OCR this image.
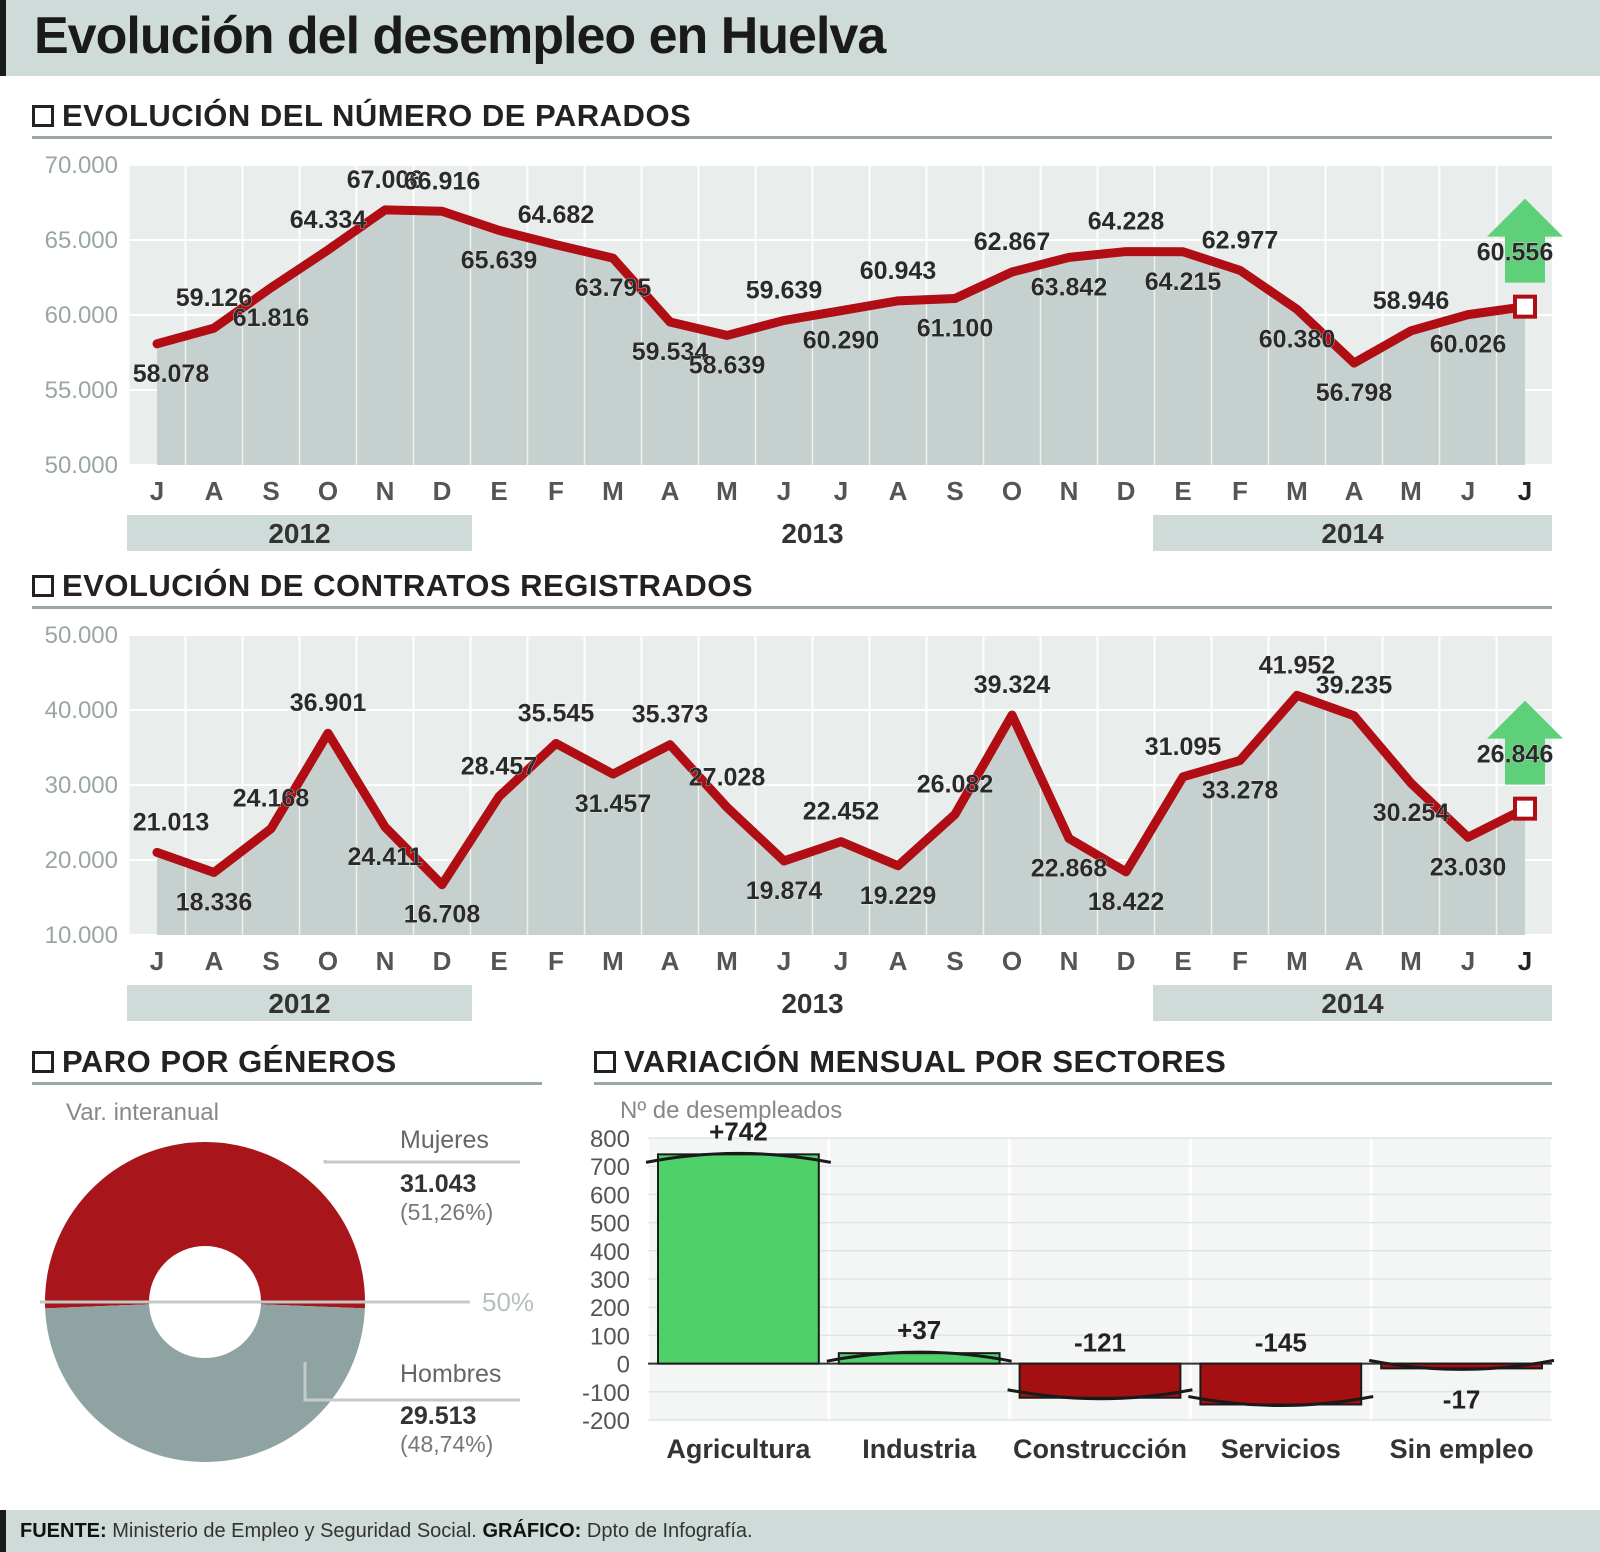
Evolución del desempleo en Huelva
EVOLUCIÓN DEL NÚMERO DE PARADOS
50.000
55.000
60.000
65.000
70.000
58.078
59.126
61.816
64.334
67.006
66.916
65.639
64.682
63.795
59.534
58.639
59.639
60.290
60.943
61.100
62.867
63.842
64.228
64.215
62.977
60.380
56.798
58.946
60.026
60.556
J A S O N D E F M A M J J A S O N D E F M A M J J
2012	2013	2014
EVOLUCIÓN DE CONTRATOS REGISTRADOS
10.000
20.000
30.000
40.000
50.000
21.013
18.336
24.168
36.901
24.411
16.708
28.457
35.545
31.457
35.373
27.028
19.874
22.452
19.229
26.082
39.324
22.868
18.422
31.095
33.278
41.952
39.235
30.254
23.030
26.846
J A S O N D E F M A M J J A S O N D E F M A M J J
2012	2013	2014
PARO POR GÉNEROS
Var. interanual
50%
Mujeres
31.043
(51,26%)
Hombres
29.513
(48,74%)
VARIACIÓN MENSUAL POR SECTORES
Nº de desempleados
800
700
600
500
400
300
200
100
0
-100
-200
+742
Agricultura
+37
Industria
-121
Construcción
-145
Servicios
-17
Sin empleo
FUENTE: Ministerio de Empleo y Seguridad Social. GRÁFICO: Dpto de Infografía.
